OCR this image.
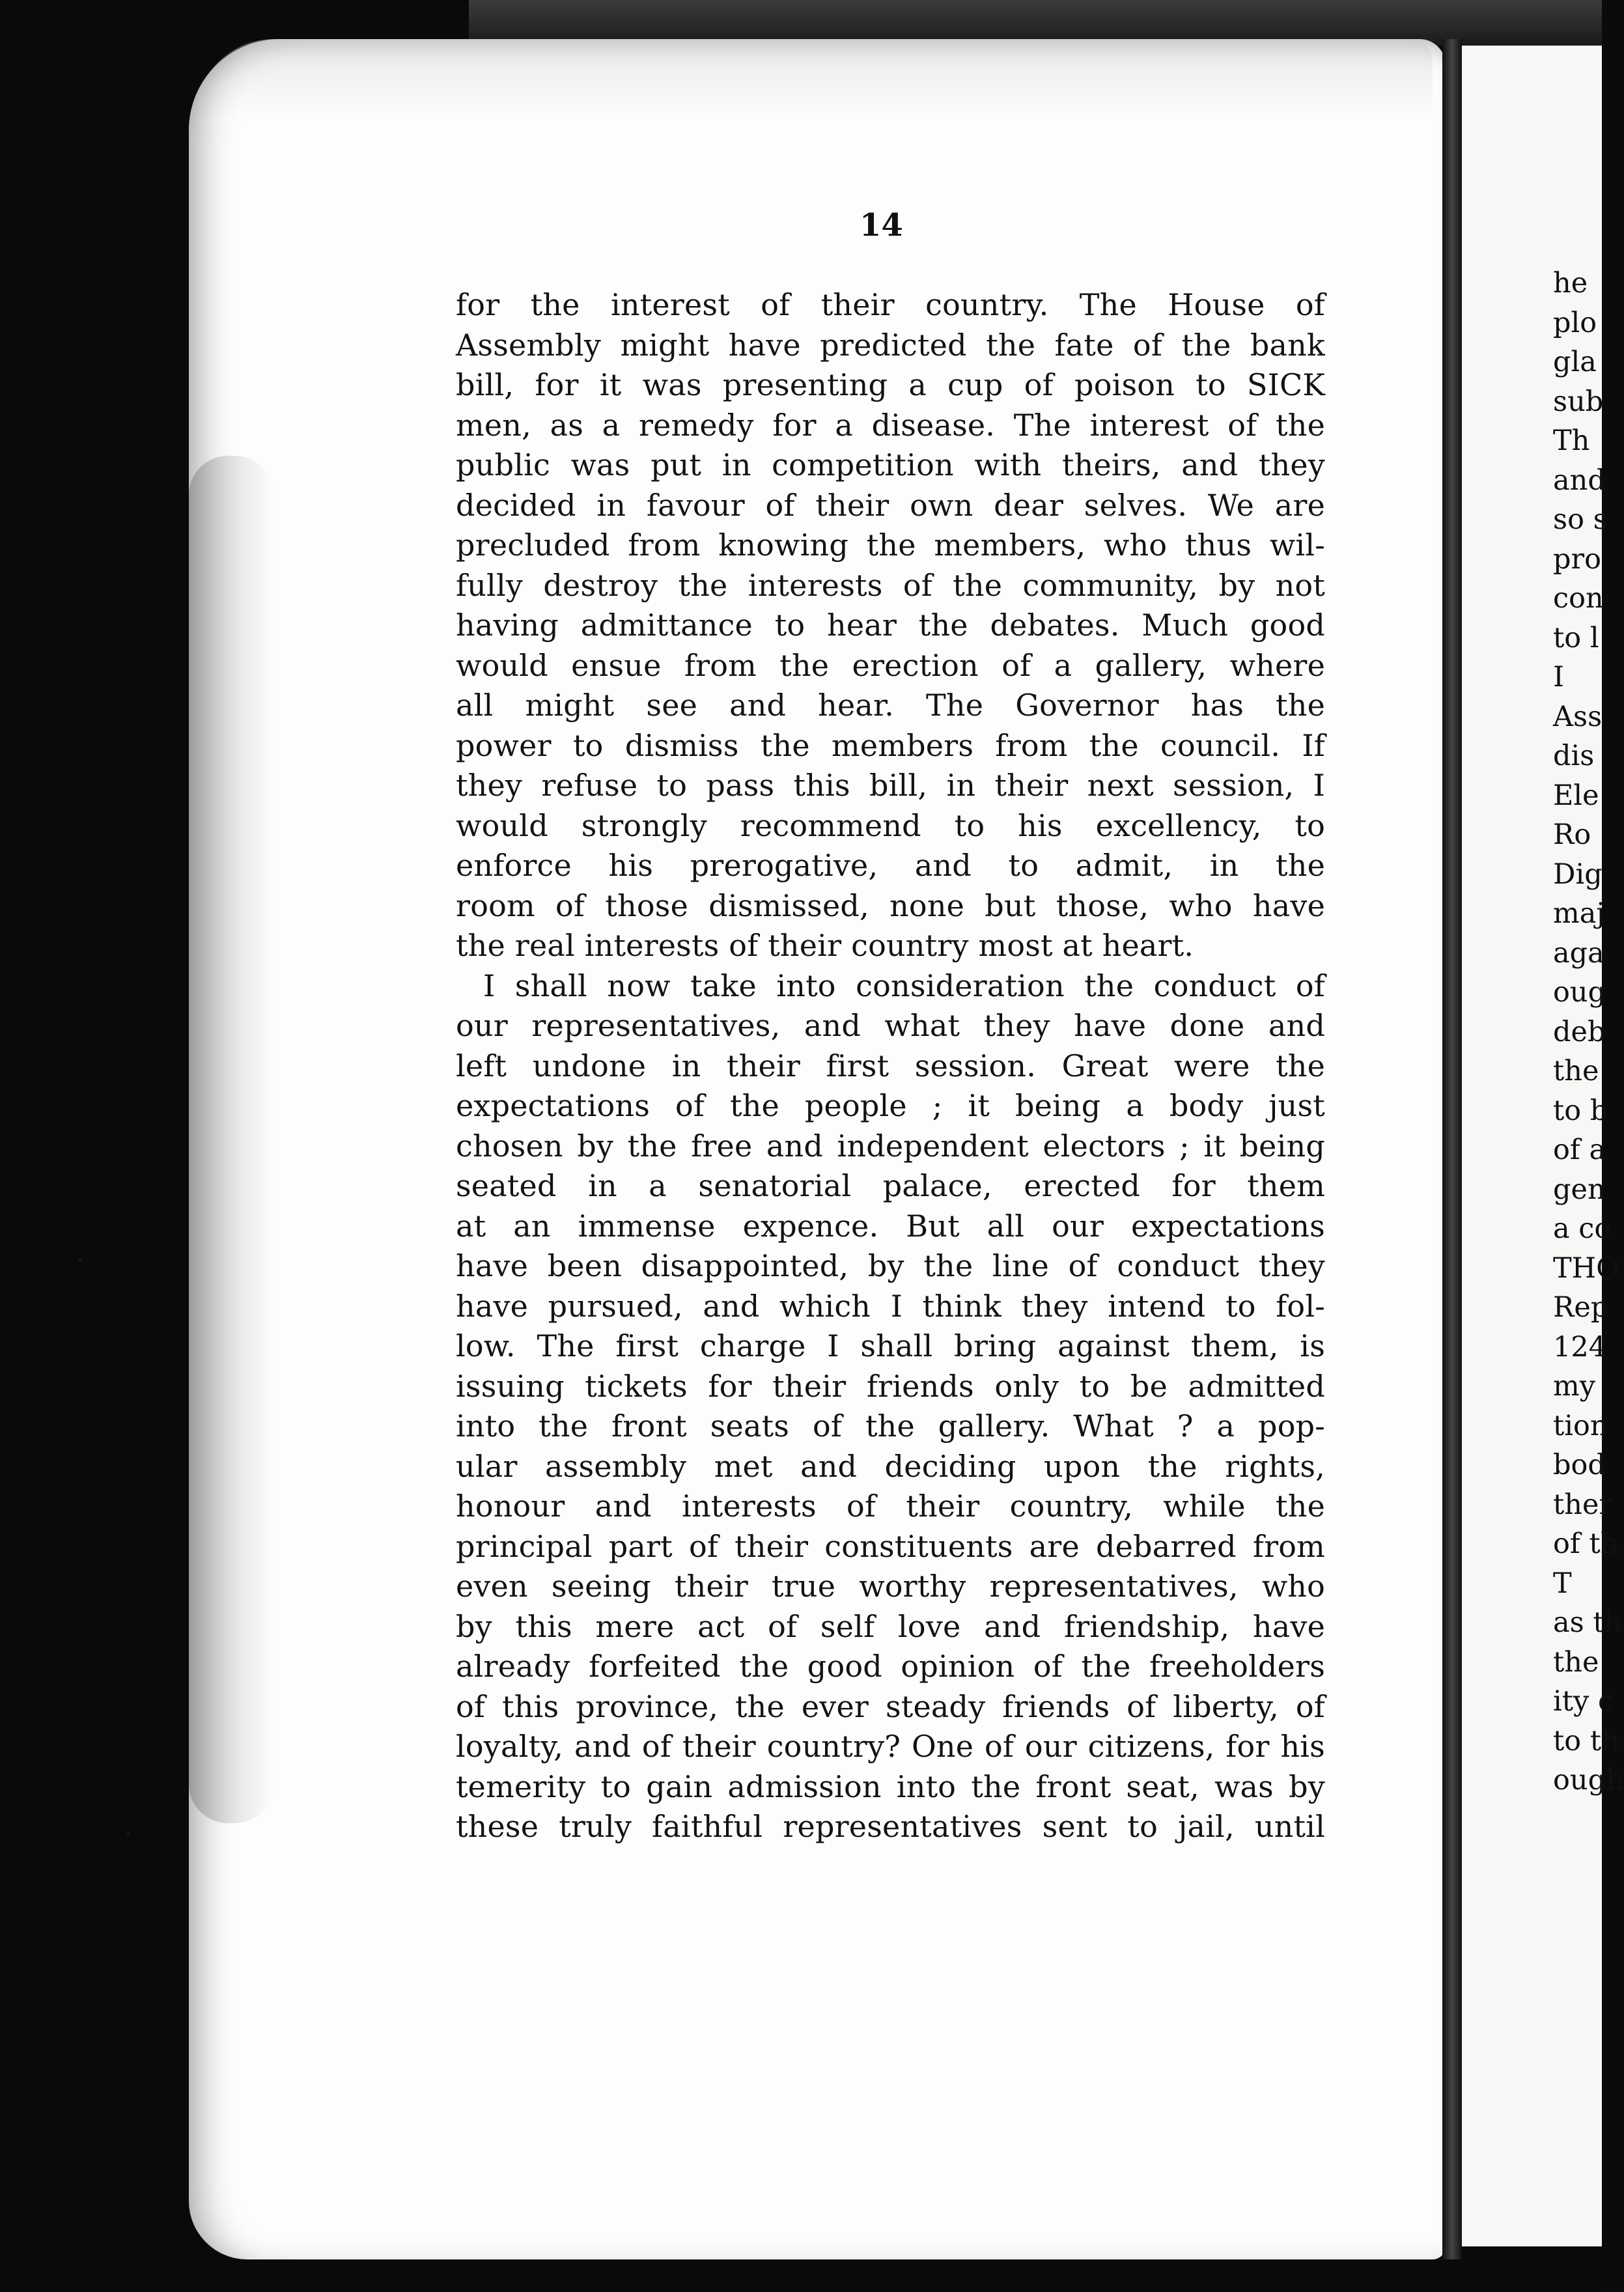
14
for the interest of their country. The House of
Assembly might have predicted the fate of the bank
bill, for it was presenting a cup of poison to SICK
men, as a remedy for a disease. The interest of the
public was put in competition with theirs, and they
decided in favour of their own dear selves. We are
precluded from knowing the members, who thus wil-
fully destroy the interests of the community, by not
having admittance to hear the debates. Much good
would ensue from the erection of a gallery, where
all might see and hear. The Governor has the
power to dismiss the members from the council. If
they refuse to pass this bill, in their next session, I
would strongly recommend to his excellency, to
enforce his prerogative, and to admit, in the
room of those dismissed, none but those, who have
the real interests of their country most at heart.
I shall now take into consideration the conduct of
our representatives, and what they have done and
left undone in their first session. Great were the
expectations of the people ; it being a body just
chosen by the free and independent electors ; it being
seated in a senatorial palace, erected for them
at an immense expence. But all our expectations
have been disappointed, by the line of conduct they
have pursued, and which I think they intend to fol-
low. The first charge I shall bring against them, is
issuing tickets for their friends only to be admitted
into the front seats of the gallery. What ? a pop-
ular assembly met and deciding upon the rights,
honour and interests of their country, while the
principal part of their constituents are debarred from
even seeing their true worthy representatives, who
by this mere act of self love and friendship, have
already forfeited the good opinion of the freeholders
of this province, the ever steady friends of liberty, of
loyalty, and of their country? One of our citizens, for his
temerity to gain admission into the front seat, was by
these truly faithful representatives sent to jail, until
he
plo
gla
sub
Th
and
so s
pro
con
to l
I
Ass
dis
Ele
Ro
Dig
maj
aga
oug
deb
the
to b
of a
gen
a co
THO
Rep
124
my
tion
bod
ther
of th
T
as th
the
ity c
to th
ough
